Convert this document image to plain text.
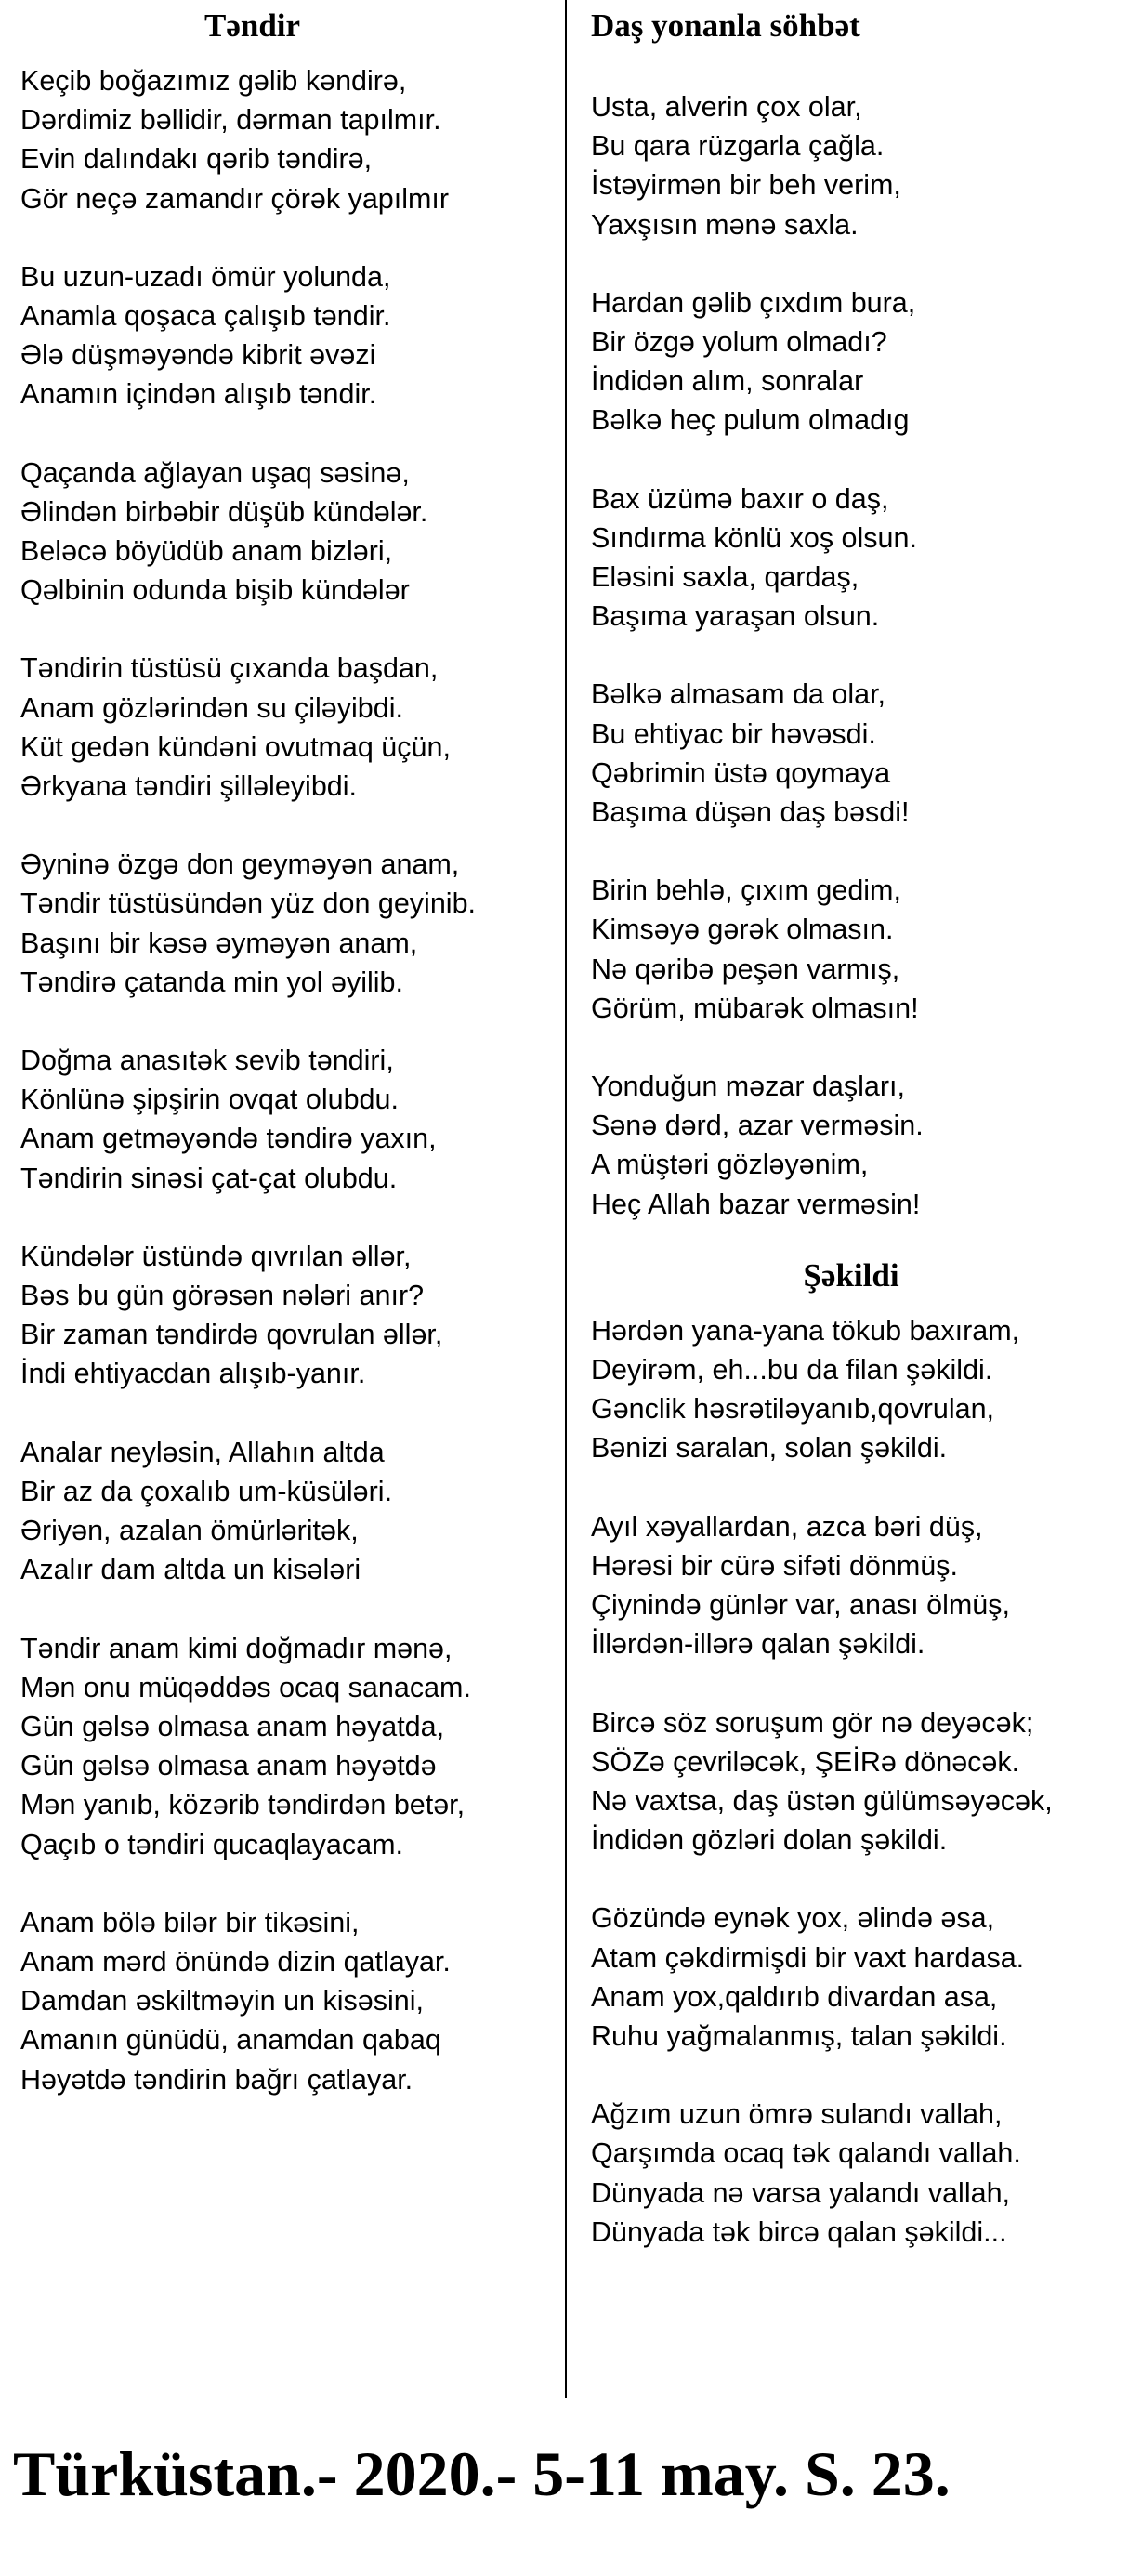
Təndir
Keçib boğazımız gəlib kəndirə,
Dərdimiz bəllidir, dərman tapılmır.
Evin dalındakı qərib təndirə,
Gör neçə zamandır çörək yapılmır
Bu uzun-uzadı ömür yolunda,
Anamla qoşaca çalışıb təndir.
Ələ düşməyəndə kibrit əvəzi
Anamın içindən alışıb təndir.
Qaçanda ağlayan uşaq səsinə,
Əlindən birbəbir düşüb kündələr.
Beləcə böyüdüb anam bizləri,
Qəlbinin odunda bişib kündələr
Təndirin tüstüsü çıxanda başdan,
Anam gözlərindən su çiləyibdi.
Küt gedən kündəni ovutmaq üçün,
Ərkyana təndiri şilləleyibdi.
Əyninə özgə don geyməyən anam,
Təndir tüstüsündən yüz don geyinib.
Başını bir kəsə əyməyən anam,
Təndirə çatanda min yol əyilib.
Doğma anasıtək sevib təndiri,
Könlünə şipşirin ovqat olubdu.
Anam getməyəndə təndirə yaxın,
Təndirin sinəsi çat-çat olubdu.
Kündələr üstündə qıvrılan əllər,
Bəs bu gün görəsən nələri anır?
Bir zaman təndirdə qovrulan əllər,
İndi ehtiyacdan alışıb-yanır.
Analar neyləsin, Allahın altda
Bir az da çoxalıb um-küsüləri.
Əriyən, azalan ömürləritək,
Azalır dam altda un kisələri
Təndir anam kimi doğmadır mənə,
Mən onu müqəddəs ocaq sanacam.
Gün gəlsə olmasa anam həyatda,
Gün gəlsə olmasa anam həyətdə
Mən yanıb, közərib təndirdən betər,
Qaçıb o təndiri qucaqlayacam.
Anam bölə bilər bir tikəsini,
Anam mərd önündə dizin qatlayar.
Damdan əskiltməyin un kisəsini,
Amanın günüdü, anamdan qabaq
Həyətdə təndirin bağrı çatlayar.
Daş yonanla söhbət
Usta, alverin çox olar,
Bu qara rüzgarla çağla.
İstəyirmən bir beh verim,
Yaxşısın mənə saxla.
Hardan gəlib çıxdım bura,
Bir özgə yolum olmadı?
İndidən alım, sonralar
Bəlkə heç pulum olmadıg
Bax üzümə baxır o daş,
Sındırma könlü xoş olsun.
Eləsini saxla, qardaş,
Başıma yaraşan olsun.
Bəlkə almasam da olar,
Bu ehtiyac bir həvəsdi.
Qəbrimin üstə qoymaya
Başıma düşən daş bəsdi!
Birin behlə, çıxım gedim,
Kimsəyə gərək olmasın.
Nə qəribə peşən varmış,
Görüm, mübarək olmasın!
Yonduğun məzar daşları,
Sənə dərd, azar verməsin.
A müştəri gözləyənim,
Heç Allah bazar verməsin!
Şəkildi
Hərdən yana-yana tökub baxıram,
Deyirəm, eh...bu da filan şəkildi.
Gənclik həsrətiləyanıb,qovrulan,
Bənizi saralan, solan şəkildi.
Ayıl xəyallardan, azca bəri düş,
Hərəsi bir cürə sifəti dönmüş.
Çiynində günlər var, anası ölmüş,
İllərdən-illərə qalan şəkildi.
Bircə söz soruşum gör nə deyəcək;
SÖZə çevriləcək, ŞEİRə dönəcək.
Nə vaxtsa, daş üstən gülümsəyəcək,
İndidən gözləri dolan şəkildi.
Gözündə eynək yox, əlində əsa,
Atam çəkdirmişdi bir vaxt hardasa.
Anam yox,qaldırıb divardan asa,
Ruhu yağmalanmış, talan şəkildi.
Ağzım uzun ömrə sulandı vallah,
Qarşımda ocaq tək qalandı vallah.
Dünyada nə varsa yalandı vallah,
Dünyada tək bircə qalan şəkildi...
Türküstan.- 2020.- 5-11 may. S. 23.
